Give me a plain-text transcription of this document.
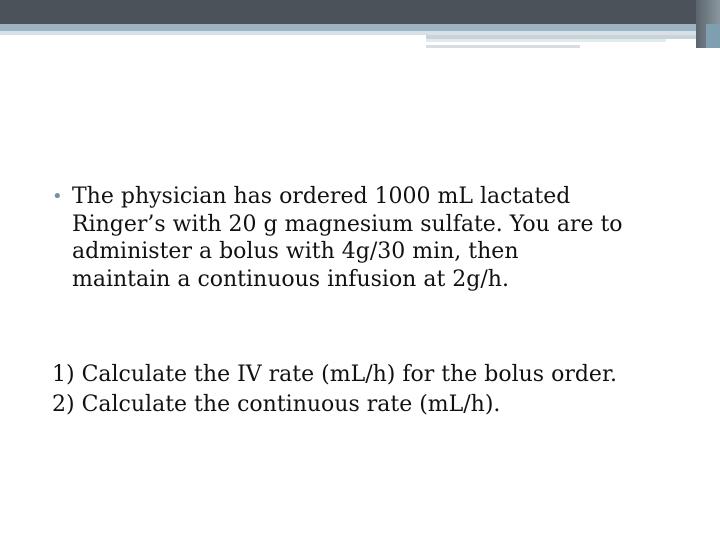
• The physician has ordered 1000 mL lactated
Ringer’s with 20 g magnesium sulfate. You are to
administer a bolus with 4g/30 min, then
maintain a continuous infusion at 2g/h.
1) Calculate the IV rate (mL/h) for the bolus order.
2) Calculate the continuous rate (mL/h).
